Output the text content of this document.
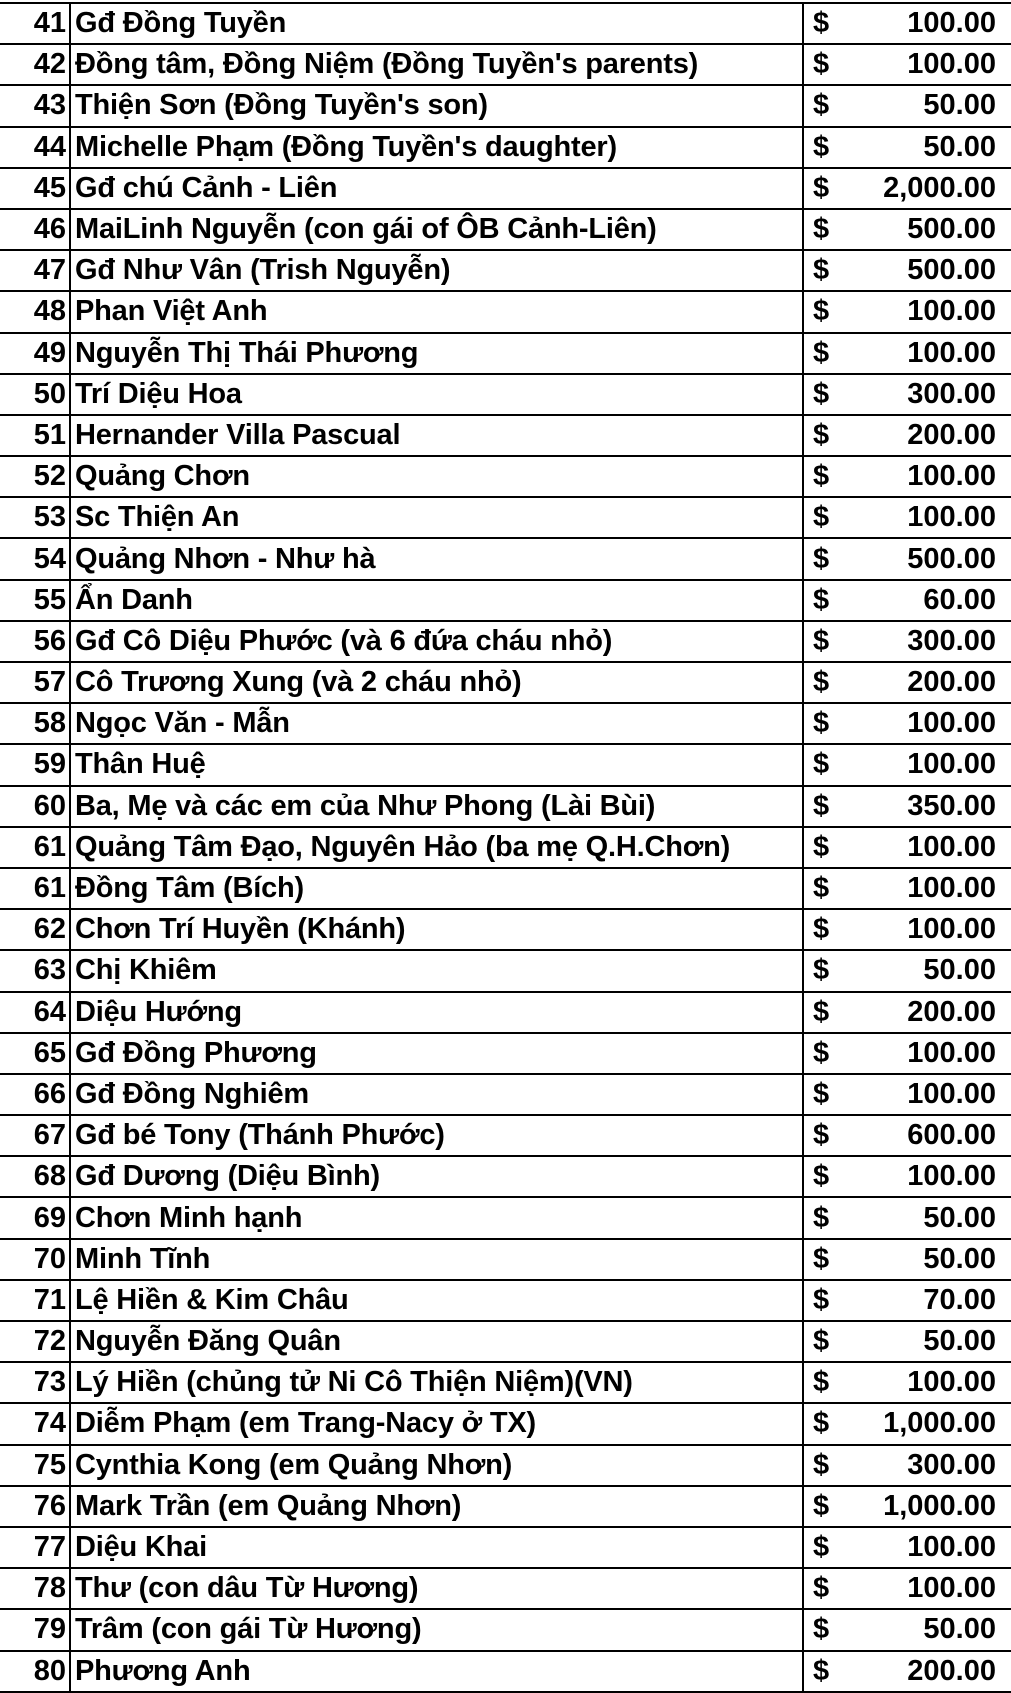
41	Gđ Đồng Tuyền	$	100.00
42	Đồng tâm, Đồng Niệm (Đồng Tuyền's parents)	$	100.00
43	Thiện Sơn (Đồng Tuyền's son)	$	50.00
44	Michelle Phạm (Đồng Tuyền's daughter)	$	50.00
45	Gđ chú Cảnh - Liên	$	2,000.00
46	MaiLinh Nguyễn (con gái of ÔB Cảnh-Liên)	$	500.00
47	Gđ Như Vân (Trish Nguyễn)	$	500.00
48	Phan Việt Anh	$	100.00
49	Nguyễn Thị Thái Phương	$	100.00
50	Trí Diệu Hoa	$	300.00
51	Hernander Villa Pascual	$	200.00
52	Quảng Chơn	$	100.00
53	Sc Thiện An	$	100.00
54	Quảng Nhơn - Như hà	$	500.00
55	Ẩn Danh	$	60.00
56	Gđ Cô Diệu Phước (và 6 đứa cháu nhỏ)	$	300.00
57	Cô Trương Xung (và 2 cháu nhỏ)	$	200.00
58	Ngọc Văn - Mẫn	$	100.00
59	Thân Huệ	$	100.00
60	Ba, Mẹ và các em của Như Phong (Lài Bùi)	$	350.00
61	Quảng Tâm Đạo, Nguyên Hảo (ba mẹ Q.H.Chơn)	$	100.00
61	Đồng Tâm (Bích)	$	100.00
62	Chơn Trí Huyền (Khánh)	$	100.00
63	Chị Khiêm	$	50.00
64	Diệu Hướng	$	200.00
65	Gđ Đồng Phương	$	100.00
66	Gđ Đồng Nghiêm	$	100.00
67	Gđ bé Tony (Thánh Phước)	$	600.00
68	Gđ Dương (Diệu Bình)	$	100.00
69	Chơn Minh hạnh	$	50.00
70	Minh Tĩnh	$	50.00
71	Lệ Hiền & Kim Châu	$	70.00
72	Nguyễn Đăng Quân	$	50.00
73	Lý Hiền (chủng tử Ni Cô Thiện Niệm)(VN)	$	100.00
74	Diễm Phạm (em Trang-Nacy ở TX)	$	1,000.00
75	Cynthia Kong (em Quảng Nhơn)	$	300.00
76	Mark Trần (em Quảng Nhơn)	$	1,000.00
77	Diệu Khai	$	100.00
78	Thư (con dâu Từ Hương)	$	100.00
79	Trâm (con gái Từ Hương)	$	50.00
80	Phương Anh	$	200.00
